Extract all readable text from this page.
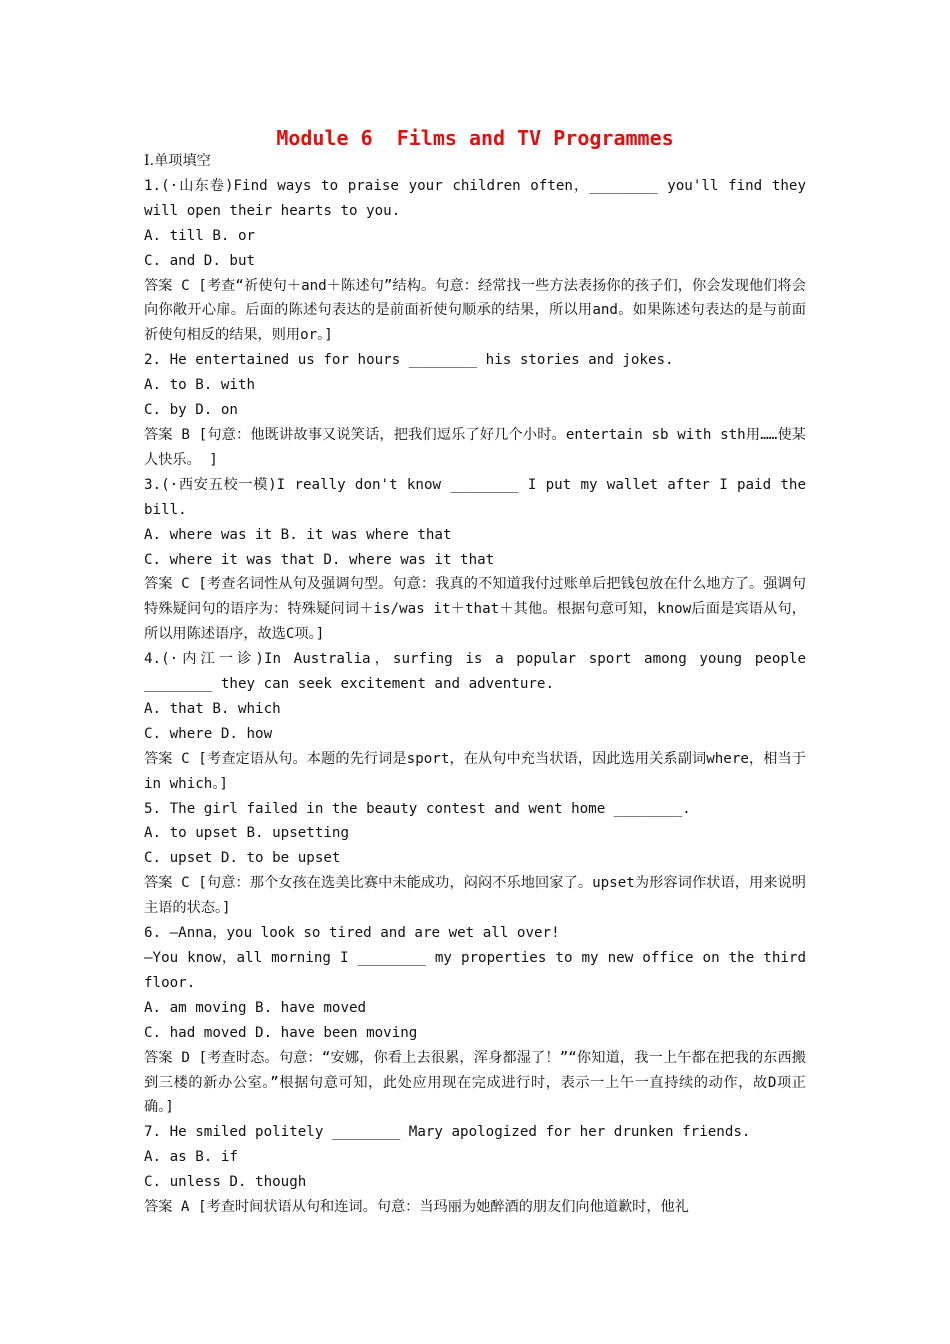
Module 6  Films and TV Programmes
I.单项填空
1.(·山东卷)Find ways to praise your children often，________ you'll find they will open their hearts to you.
A. till B. or
C. and D. but
答案 C [考查“祈使句＋and＋陈述句”结构。句意：经常找一些方法表扬你的孩子们，你会发现他们将会向你敞开心扉。后面的陈述句表达的是前面祈使句顺承的结果，所以用and。如果陈述句表达的是与前面祈使句相反的结果，则用or。]
2. He entertained us for hours ________ his stories and jokes.
A. to B. with
C. by D. on
答案 B [句意：他既讲故事又说笑话，把我们逗乐了好几个小时。entertain sb with sth用……使某人快乐。 ]
3.(·西安五校一模)I really don't know ________ I put my wallet after I paid the bill.
A. where was it B. it was where that
C. where it was that D. where was it that
答案 C [考查名词性从句及强调句型。句意：我真的不知道我付过账单后把钱包放在什么地方了。强调句特殊疑问句的语序为：特殊疑问词＋is/was it＋that＋其他。根据句意可知，know后面是宾语从句，所以用陈述语序，故选C项。]
4.(·内江一诊)In Australia，surfing is a popular sport among young people ________ they can seek excitement and adventure.
A. that B. which
C. where D. how
答案 C [考查定语从句。本题的先行词是sport，在从句中充当状语，因此选用关系副词where，相当于in which。]
5. The girl failed in the beauty contest and went home ________.
A. to upset B. upsetting
C. upset D. to be upset
答案 C [句意：那个女孩在选美比赛中未能成功，闷闷不乐地回家了。upset为形容词作状语，用来说明主语的状态。]
6. —Anna，you look so tired and are wet all over!
—You know，all morning I ________ my properties to my new office on the third floor.
A. am moving B. have moved
C. had moved D. have been moving
答案 D [考查时态。句意：“安娜，你看上去很累，浑身都湿了！”“你知道，我一上午都在把我的东西搬到三楼的新办公室。”根据句意可知，此处应用现在完成进行时，表示一上午一直持续的动作，故D项正确。]
7. He smiled politely ________ Mary apologized for her drunken friends.
A. as B. if
C. unless D. though
答案 A [考查时间状语从句和连词。句意：当玛丽为她醉酒的朋友们向他道歉时，他礼
